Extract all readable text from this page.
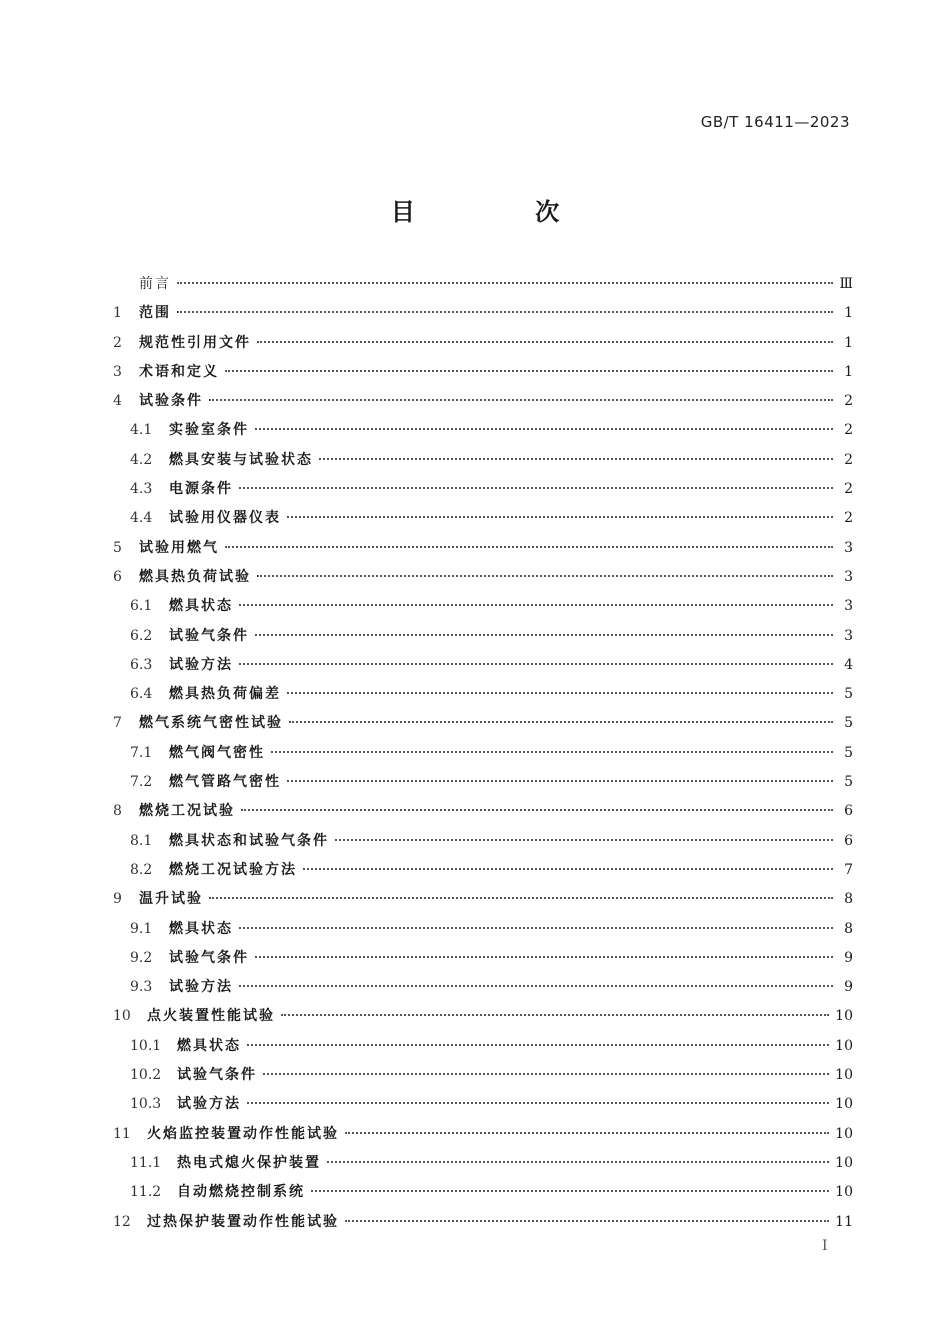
GB/T 16411—2023
目 次
前言	Ⅲ
1	范围	1
2	规范性引用文件	1
3	术语和定义	1
4	试验条件	2
4.1	实验室条件	2
4.2	燃具安装与试验状态	2
4.3	电源条件	2
4.4	试验用仪器仪表	2
5	试验用燃气	3
6	燃具热负荷试验	3
6.1	燃具状态	3
6.2	试验气条件	3
6.3	试验方法	4
6.4	燃具热负荷偏差	5
7	燃气系统气密性试验	5
7.1	燃气阀气密性	5
7.2	燃气管路气密性	5
8	燃烧工况试验	6
8.1	燃具状态和试验气条件	6
8.2	燃烧工况试验方法	7
9	温升试验	8
9.1	燃具状态	8
9.2	试验气条件	9
9.3	试验方法	9
10	点火装置性能试验	10
10.1	燃具状态	10
10.2	试验气条件	10
10.3	试验方法	10
11	火焰监控装置动作性能试验	10
11.1	热电式熄火保护装置	10
11.2	自动燃烧控制系统	10
12	过热保护装置动作性能试验	11
I
